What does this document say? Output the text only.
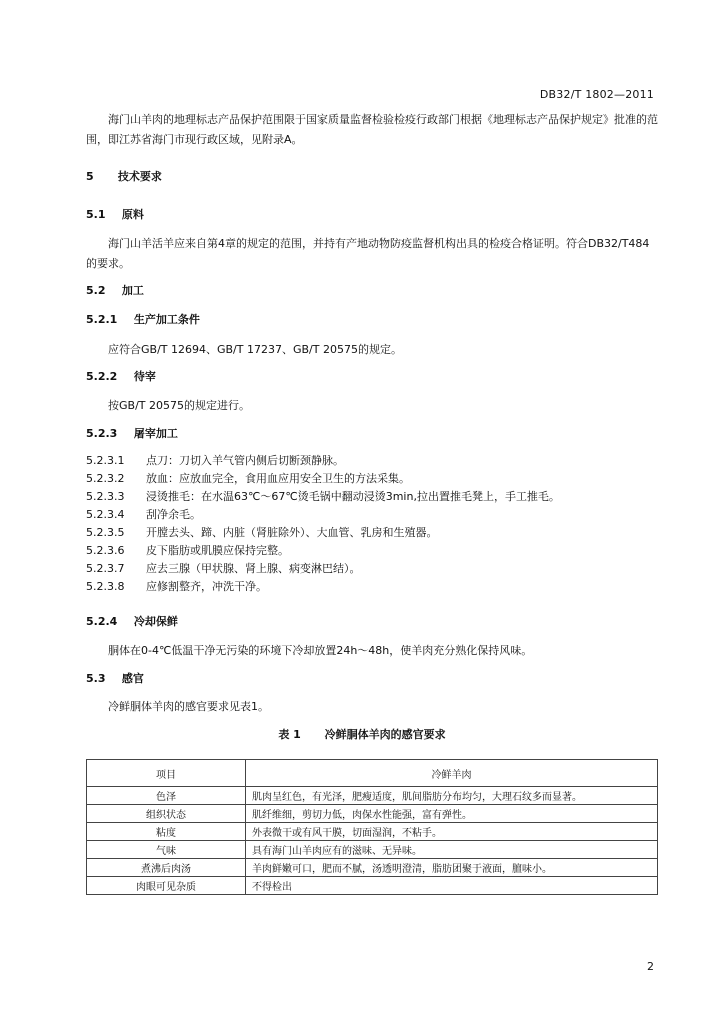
DB32/T 1802—2011

海门山羊肉的地理标志产品保护范围限于国家质量监督检验检疫行政部门根据《地理标志产品保护规定》批准的范围，即江苏省海门市现行政区域，见附录A。

5 技术要求

5.1 原料

海门山羊活羊应来自第4章的规定的范围，并持有产地动物防疫监督机构出具的检疫合格证明。符合DB32/T484 的要求。

5.2 加工

5.2.1 生产加工条件

应符合GB/T 12694、GB/T 17237、GB/T 20575的规定。

5.2.2 待宰

按GB/T 20575的规定进行。

5.2.3 屠宰加工

5.2.3.1 点刀：刀切入羊气管内侧后切断颈静脉。

5.2.3.2 放血：应放血完全，食用血应用安全卫生的方法采集。

5.2.3.3 浸烫推毛：在水温63℃～67℃烫毛锅中翻动浸烫3min,拉出置推毛凳上，手工推毛。

5.2.3.4 刮净余毛。

5.2.3.5 开膛去头、蹄、内脏（肾脏除外）、大血管、乳房和生殖器。

5.2.3.6 皮下脂肪或肌膜应保持完整。

5.2.3.7 应去三腺（甲状腺、肾上腺、病变淋巴结）。

5.2.3.8 应修割整齐，冲洗干净。

5.2.4 冷却保鲜

胴体在0-4℃低温干净无污染的环境下冷却放置24h～48h，使羊肉充分熟化保持风味。

5.3 感官

冷鲜胴体羊肉的感官要求见表1。

表 1 冷鲜胴体羊肉的感官要求
项目	冷鲜羊肉
色泽	肌肉呈红色，有光泽，肥瘦适度，肌间脂肪分布均匀，大理石纹多而显著。
组织状态	肌纤维细，剪切力低，肉保水性能强，富有弹性。
粘度	外表微干或有风干膜，切面湿润，不粘手。
气味	具有海门山羊肉应有的滋味、无异味。
煮沸后肉汤	羊肉鲜嫩可口，肥而不腻，汤透明澄清，脂肪团聚于液面，膻味小。
肉眼可见杂质	不得检出
2
